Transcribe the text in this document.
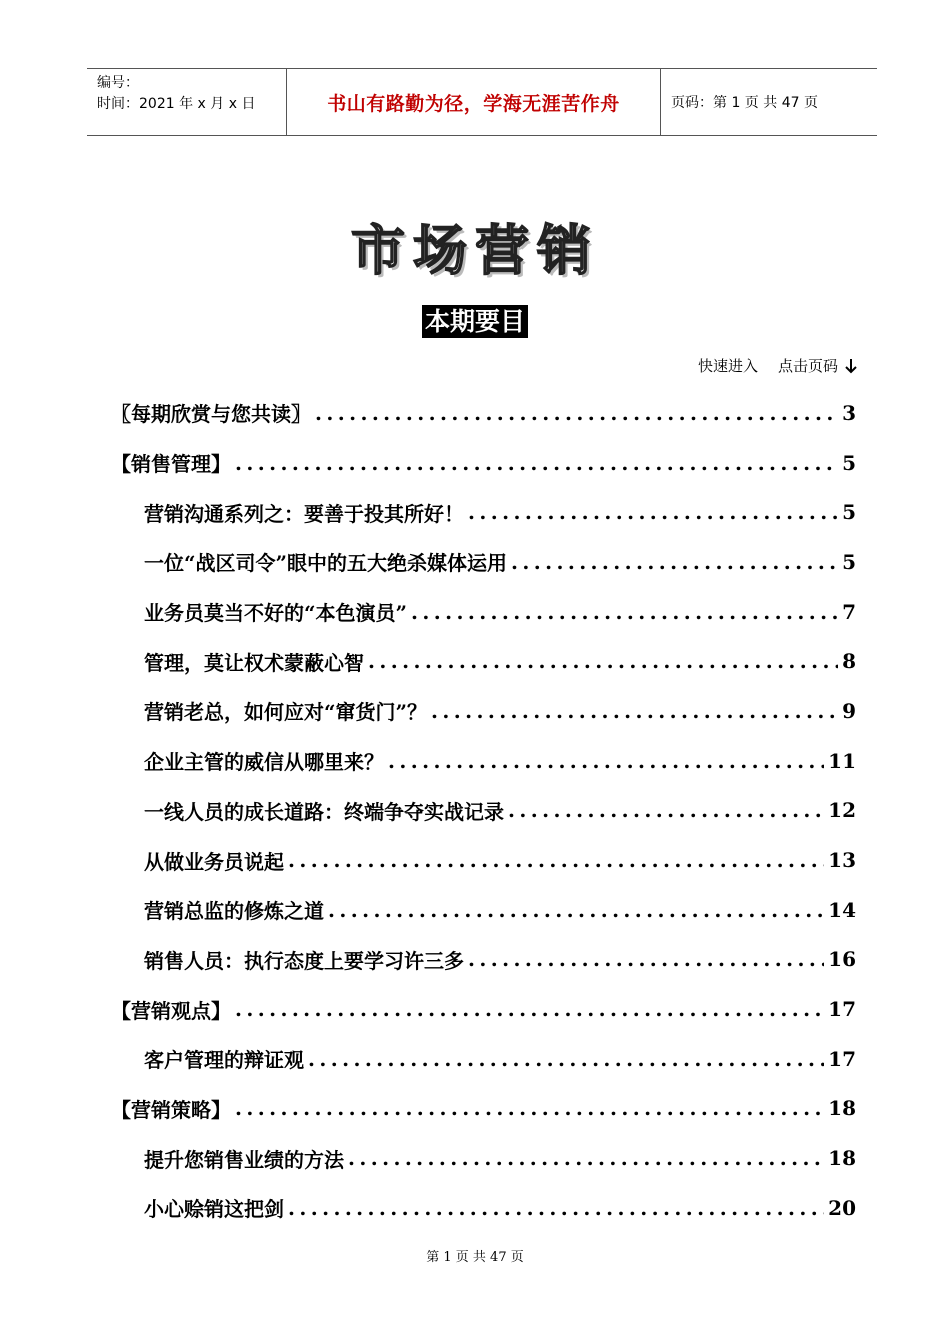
编号：
时间：2021 年 x 月 x 日	书山有路勤为径，学海无涯苦作舟	页码：第 1 页 共 47 页
市场营销
本期要目
快速进入 点击页码
〖每期欣赏与您共读〗 .....	3
【销售管理】 .....	5
营销沟通系列之：要善于投其所好！ .....	5
一位“战区司令”眼中的五大绝杀媒体运用 .....	5
业务员莫当不好的“本色演员” .....	7
管理，莫让权术蒙蔽心智 .....	8
营销老总，如何应对“窜货门”？ .....	9
企业主管的威信从哪里来？ .....	11
一线人员的成长道路：终端争夺实战记录 .....	12
从做业务员说起 .....	13
营销总监的修炼之道 .....	14
销售人员：执行态度上要学习许三多 .....	16
【营销观点】 .....	17
客户管理的辩证观 .....	17
【营销策略】 .....	18
提升您销售业绩的方法 .....	18
小心赊销这把剑 .....	20
第 1 页 共 47 页
